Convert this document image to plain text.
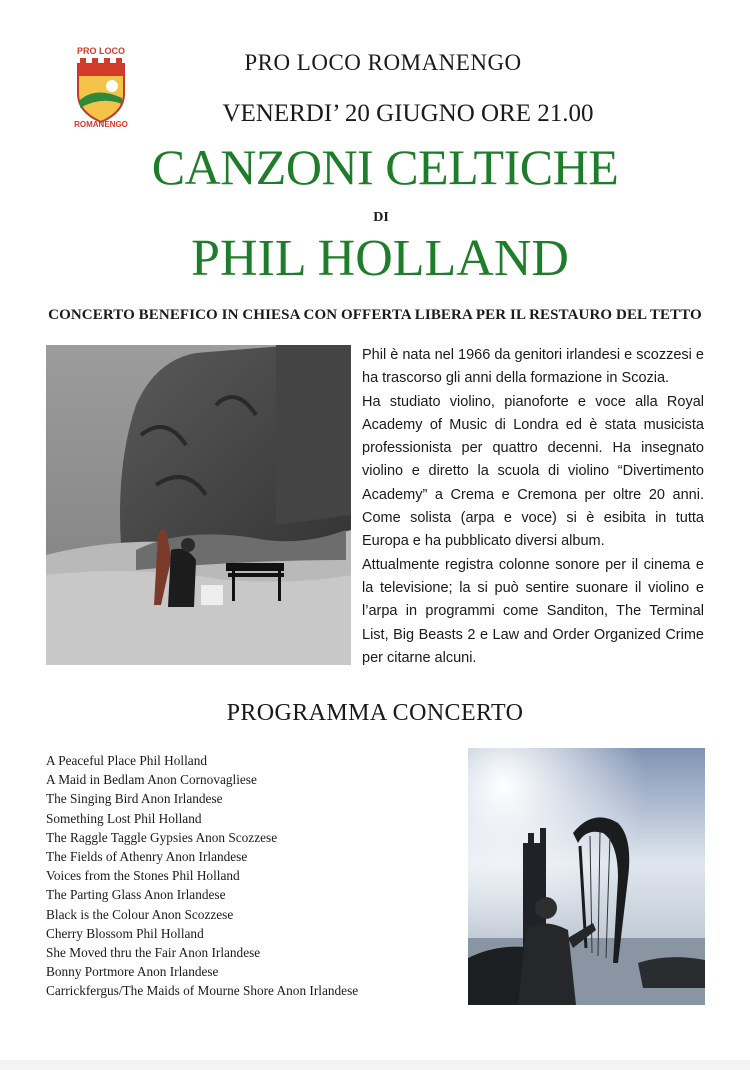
PRO LOCO
ROMANENGO
PRO LOCO ROMANENGO
VENERDI’ 20 GIUGNO ORE 21.00
CANZONI CELTICHE
DI
PHIL HOLLAND
CONCERTO BENEFICO IN CHIESA CON OFFERTA LIBERA PER IL RESTAURO DEL TETTO

Phil è nata nel 1966 da genitori irlandesi e scozzesi e ha trascorso gli anni della formazione in Scozia.

Ha studiato violino, pianoforte e voce alla Royal Academy of Music di Londra ed è stata musicista professionista per quattro decenni. Ha insegnato violino e diretto la scuola di violino “Divertimento Academy” a Crema e Cremona per oltre 20 anni. Come solista (arpa e voce) si è esibita in tutta Europa e ha pubblicato diversi album.

Attualmente registra colonne sonore per il cinema e la televisione; la si può sentire suonare il violino e l’arpa in programmi come Sanditon, The Terminal List, Big Beasts 2 e Law and Order Organized Crime per citarne alcuni.

PROGRAMMA CONCERTO
A Peaceful Place Phil Holland
A Maid in Bedlam Anon Cornovagliese
The Singing Bird Anon Irlandese
Something Lost Phil Holland
The Raggle Taggle Gypsies Anon Scozzese
The Fields of Athenry Anon Irlandese
Voices from the Stones Phil Holland
The Parting Glass Anon Irlandese
Black is the Colour Anon Scozzese
Cherry Blossom Phil Holland
She Moved thru the Fair Anon Irlandese
Bonny Portmore Anon Irlandese
Carrickfergus/The Maids of Mourne Shore Anon Irlandese
